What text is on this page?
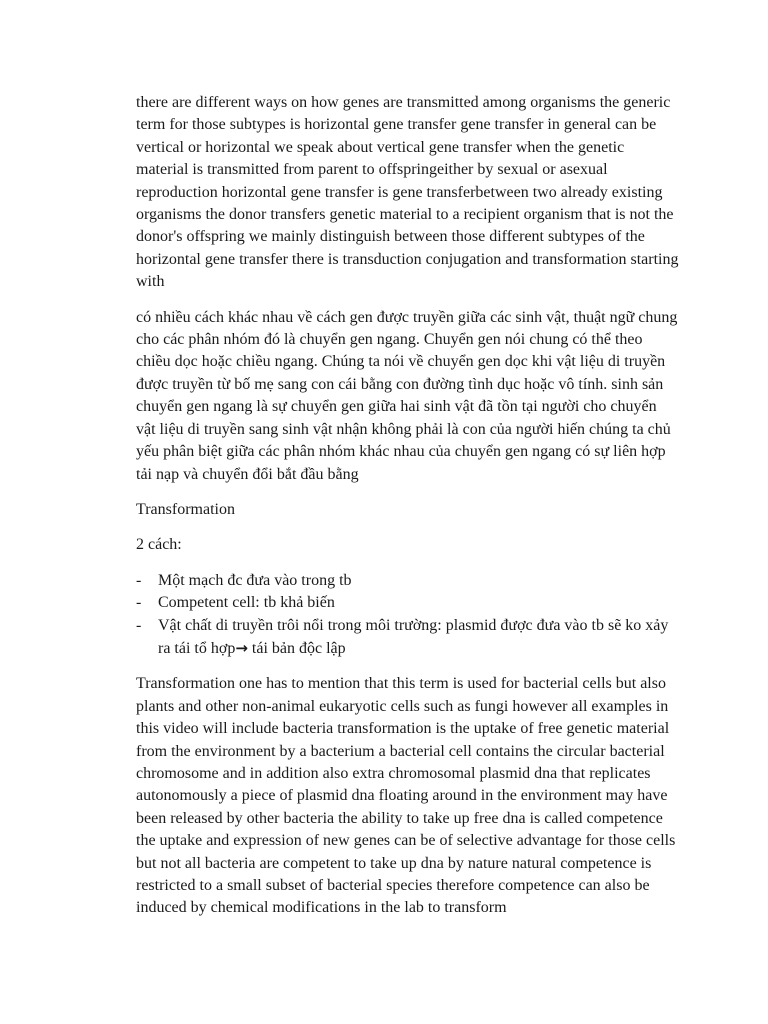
there are different ways on how genes are transmitted among organisms the generic term for those subtypes is horizontal gene transfer gene transfer in general can be vertical or horizontal we speak about vertical gene transfer when the genetic material is transmitted from parent to offspringeither by sexual or asexual reproduction horizontal gene transfer is gene transferbetween two already existing organisms the donor transfers genetic material to a recipient organism that is not the donor's offspring we mainly distinguish between those different subtypes of the horizontal gene transfer there is transduction conjugation and transformation starting with

có nhiều cách khác nhau về cách gen được truyền giữa các sinh vật, thuật ngữ chung cho các phân nhóm đó là chuyển gen ngang. Chuyển gen nói chung có thể theo chiều dọc hoặc chiều ngang. Chúng ta nói về chuyển gen dọc khi vật liệu di truyền được truyền từ bố mẹ sang con cái bằng con đường tình dục hoặc vô tính. sinh sản chuyển gen ngang là sự chuyển gen giữa hai sinh vật đã tồn tại người cho chuyển vật liệu di truyền sang sinh vật nhận không phải là con của người hiến chúng ta chủ yếu phân biệt giữa các phân nhóm khác nhau của chuyển gen ngang có sự liên hợp tải nạp và chuyển đổi bắt đầu bằng

Transformation

2 cách:

- Một mạch đc đưa vào trong tb
- Competent cell: tb khả biến
- Vật chất di truyền trôi nổi trong môi trường: plasmid được đưa vào tb sẽ ko xảy ra tái tổ hợp→ tái bản độc lập

Transformation one has to mention that this term is used for bacterial cells but also plants and other non-animal eukaryotic cells such as fungi however all examples in this video will include bacteria transformation is the uptake of free genetic material from the environment by a bacterium a bacterial cell contains the circular bacterial chromosome and in addition also extra chromosomal plasmid dna that replicates autonomously a piece of plasmid dna floating around in the environment may have been released by other bacteria the ability to take up free dna is called competence the uptake and expression of new genes can be of selective advantage for those cells but not all bacteria are competent to take up dna by nature natural competence is restricted to a small subset of bacterial species therefore competence can also be induced by chemical modifications in the lab to transform
